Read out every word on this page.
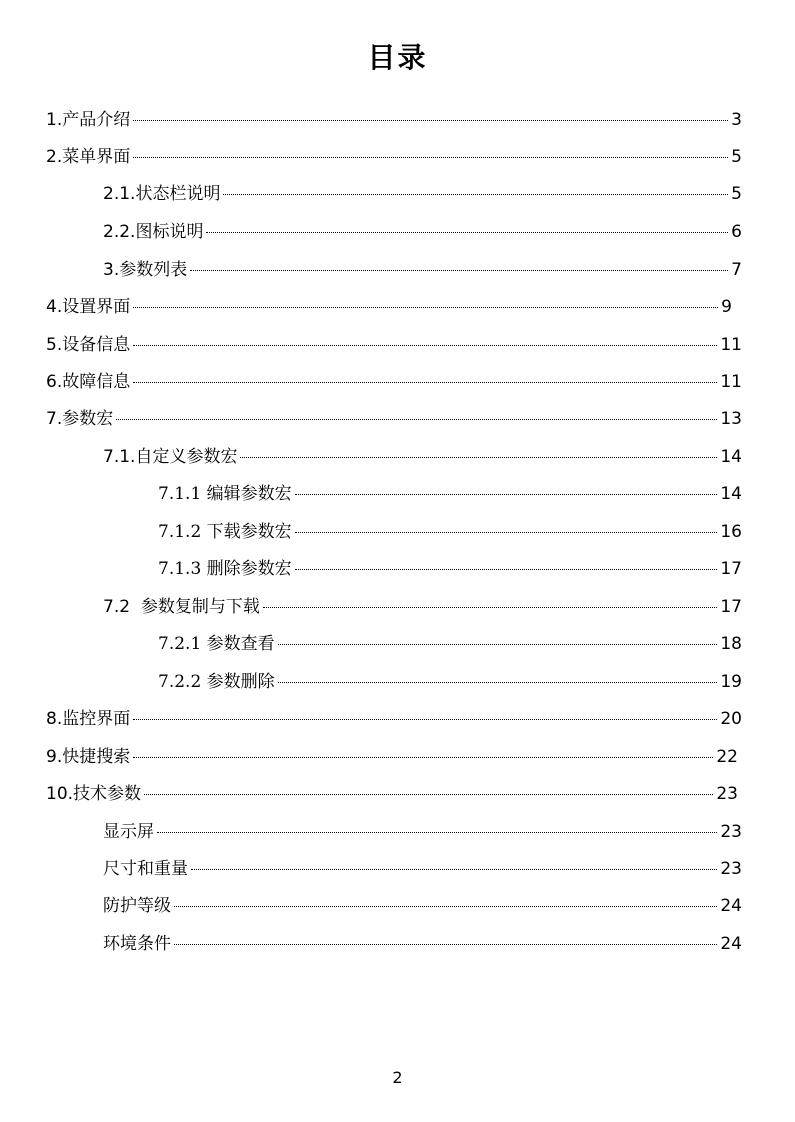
目录
1.产品介绍	3
2.菜单界面	5
2.1.状态栏说明	5
2.2.图标说明	6
3.参数列表	7
4.设置界面	9
5.设备信息	11
6.故障信息	11
7.参数宏	13
7.1.自定义参数宏	14
7.1.1 编辑参数宏	14
7.1.2 下载参数宏	16
7.1.3 删除参数宏	17
7.2  参数复制与下载	17
7.2.1 参数查看	18
7.2.2 参数删除	19
8.监控界面	20
9.快捷搜索	22
10.技术参数	23
显示屏	23
尺寸和重量	23
防护等级	24
环境条件	24
2
